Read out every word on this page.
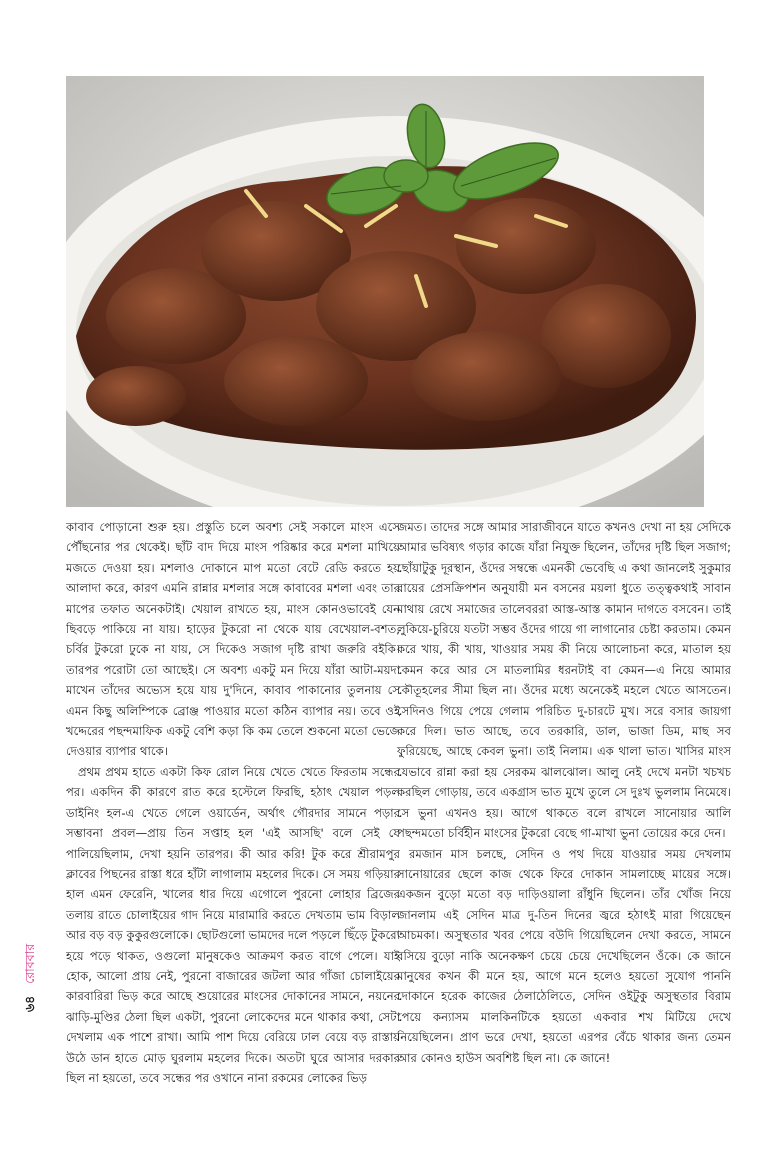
কাবাব পোড়ানো শুরু হয়। প্রস্তুতি চলে অবশ্য সেই সকালে মাংস এসে পৌঁছনোর পর থেকেই। ছাঁট বাদ দিয়ে মাংস পরিষ্কার করে মশলা মাখিয়ে মজতে দেওয়া হয়। মশলাও দোকানে মাপ মতো বেটে রেডি করতে হয় আলাদা করে, কারণ এমনি রান্নার মশলার সঙ্গে কাবাবের মশলা এবং তার মাপের তফাত অনেকটাই। খেয়াল রাখতে হয়, মাংস কোনওভাবেই যেন ছিবড়ে পাকিয়ে না যায়। হাড়ের টুকরো না থেকে যায় বেখেয়াল-বশত, চর্বির টুকরো ঢুকে না যায়, সে দিকেও সজাগ দৃষ্টি রাখা জরুরি বইকি। তারপর পরোটা তো আছেই। সে অবশ্য একটু মন দিয়ে যাঁরা আটা-ময়দা মাখেন তাঁদের অভ্যেস হয়ে যায় দু'দিনে, কাবাব পাকানোর তুলনায় সে এমন কিছু অলিম্পিকে ব্রোঞ্জ পাওয়ার মতো কঠিন ব্যাপার নয়। তবে ওই খদ্দেরের পছন্দমাফিক একটু বেশি কড়া কি কম তেলে শুকনো মতো ভেজে দেওয়ার ব্যাপার থাকে।

প্রথম প্রথম হাতে একটা কিফ রোল নিয়ে খেতে খেতে ফিরতাম সন্ধের পর। একদিন কী কারণে রাত করে হস্টেলে ফিরছি, হঠাৎ খেয়াল পড়ল ডাইনিং হল-এ খেতে গেলে ওয়ার্ডেন, অর্থাৎ গৌরদার সামনে পড়ার সম্ভাবনা প্রবল—প্রায় তিন সপ্তাহ হল 'এই আসছি' বলে সেই যে পালিয়েছিলাম, দেখা হয়নি তারপর। কী আর করি! টুক করে শ্রীরামপুর ক্লাবের পিছনের রাস্তা ধরে হাঁটা লাগালাম মহলের দিকে। সে সময় গড়িয়ার হাল এমন ফেরেনি, খালের ধার দিয়ে এগোলে পুরনো লোহার ব্রিজের তলায় রাতে চোলাইয়ের গাদ নিয়ে মারামারি করতে দেখতাম ভাম বিড়াল আর বড় বড় কুকুরগুলোকে। ছোটগুলো ভামদের দলে পড়লে ছিঁড়ে টুকরো হয়ে পড়ে থাকত, ওগুলো মানুষকেও আক্রমণ করত বাগে পেলে। যাই হোক, আলো প্রায় নেই, পুরনো বাজারের জটলা আর গাঁজা চোলাইয়ের কারবারিরা ভিড় করে আছে শুয়োরের মাংসের দোকানের সামনে, নয়নের ঝাড়ি-মুণ্ডির ঠেলা ছিল একটা, পুরনো লোকেদের মনে থাকার কথা, সেটা দেখলাম এক পাশে রাখা। আমি পাশ দিয়ে বেরিয়ে ঢাল বেয়ে বড় রাস্তায় উঠে ডান হাতে মোড় ঘুরলাম মহলের দিকে। অতটা ঘুরে আসার দরকার ছিল না হয়তো, তবে সন্ধের পর ওখানে নানা রকমের লোকের ভিড়

জমত। তাদের সঙ্গে আমার সারাজীবনে যাতে কখনও দেখা না হয় সেদিকে আমার ভবিষ্যৎ গড়ার কাজে যাঁরা নিযুক্ত ছিলেন, তাঁদের দৃষ্টি ছিল সজাগ; ছোঁয়াটুকু দূরস্থান, ওঁদের সম্বন্ধে এমনকী ভেবেছি এ কথা জানলেই সুকুমার রায়ের প্রেসক্রিপশন অনুযায়ী মন বসনের ময়লা ধুতে তত্ত্বকথাই সাবান মাথায় রেখে সমাজের তালেবররা আস্ত-আস্ত কামান দাগতে বসবেন। তাই লুকিয়ে-চুরিয়ে যতটা সম্ভব ওঁদের গায়ে গা লাগানোর চেষ্টা করতাম। কেমন করে খায়, কী খায়, খাওয়ার সময় কী নিয়ে আলোচনা করে, মাতাল হয় কেমন করে আর সে মাতলামির ধরনটাই বা কেমন—এ নিয়ে আমার কৌতূহলের সীমা ছিল না। ওঁদের মধ্যে অনেকেই মহলে খেতে আসতেন। সেদিনও গিয়ে পেয়ে গেলাম পরিচিত দু-চারটে মুখ। সরে বসার জায়গা করে দিল। ভাত আছে, তবে তরকারি, ডাল, ভাজা ডিম, মাছ সব ফুরিয়েছে, আছে কেবল ভুনা। তাই নিলাম। এক থালা ভাত। খাসির মাংস যেভাবে রান্না করা হয় সেরকম ঝালঝোল। আলু নেই দেখে মনটা খচখচ করছিল গোড়ায়, তবে একগ্রাস ভাত মুখে তুলে সে দুঃখ ভুললাম নিমেষে। সে ভুনা এখনও হয়। আগে থাকতে বলে রাখলে সানোয়ার আলি পছন্দমতো চর্বিহীন মাংসের টুকরো বেছে গা-মাখা ভুনা তোয়ের করে দেন।

রমজান মাস চলছে, সেদিন ও পথ দিয়ে যাওয়ার সময় দেখলাম সানোয়ারের ছেলে কাজ থেকে ফিরে দোকান সামলাচ্ছে মায়ের সঙ্গে। একজন বুড়ো মতো বড় দাড়িওয়ালা রাঁধুনি ছিলেন। তাঁর খোঁজ নিয়ে জানলাম এই সেদিন মাত্র দু-তিন দিনের জ্বরে হঠাৎই মারা গিয়েছেন আচমকা। অসুস্থতার খবর পেয়ে বউদি গিয়েছিলেন দেখা করতে, সামনে বসিয়ে বুড়ো নাকি অনেকক্ষণ চেয়ে চেয়ে দেখেছিলেন ওঁকে। কে জানে মানুষের কখন কী মনে হয়, আগে মনে হলেও হয়তো সুযোগ পাননি দোকানে হরেক কাজের ঠেলাঠেলিতে, সেদিন ওইটুকু অসুস্থতার বিরাম পেয়ে কন্যাসম মালকিনটিকে হয়তো একবার শখ মিটিয়ে দেখে নিয়েছিলেন। প্রাণ ভরে দেখা, হয়তো এরপর বেঁচে থাকার জন্য তেমন আর কোনও হাউস অবশিষ্ট ছিল না। কে জানে!

৬৪ রোববার
